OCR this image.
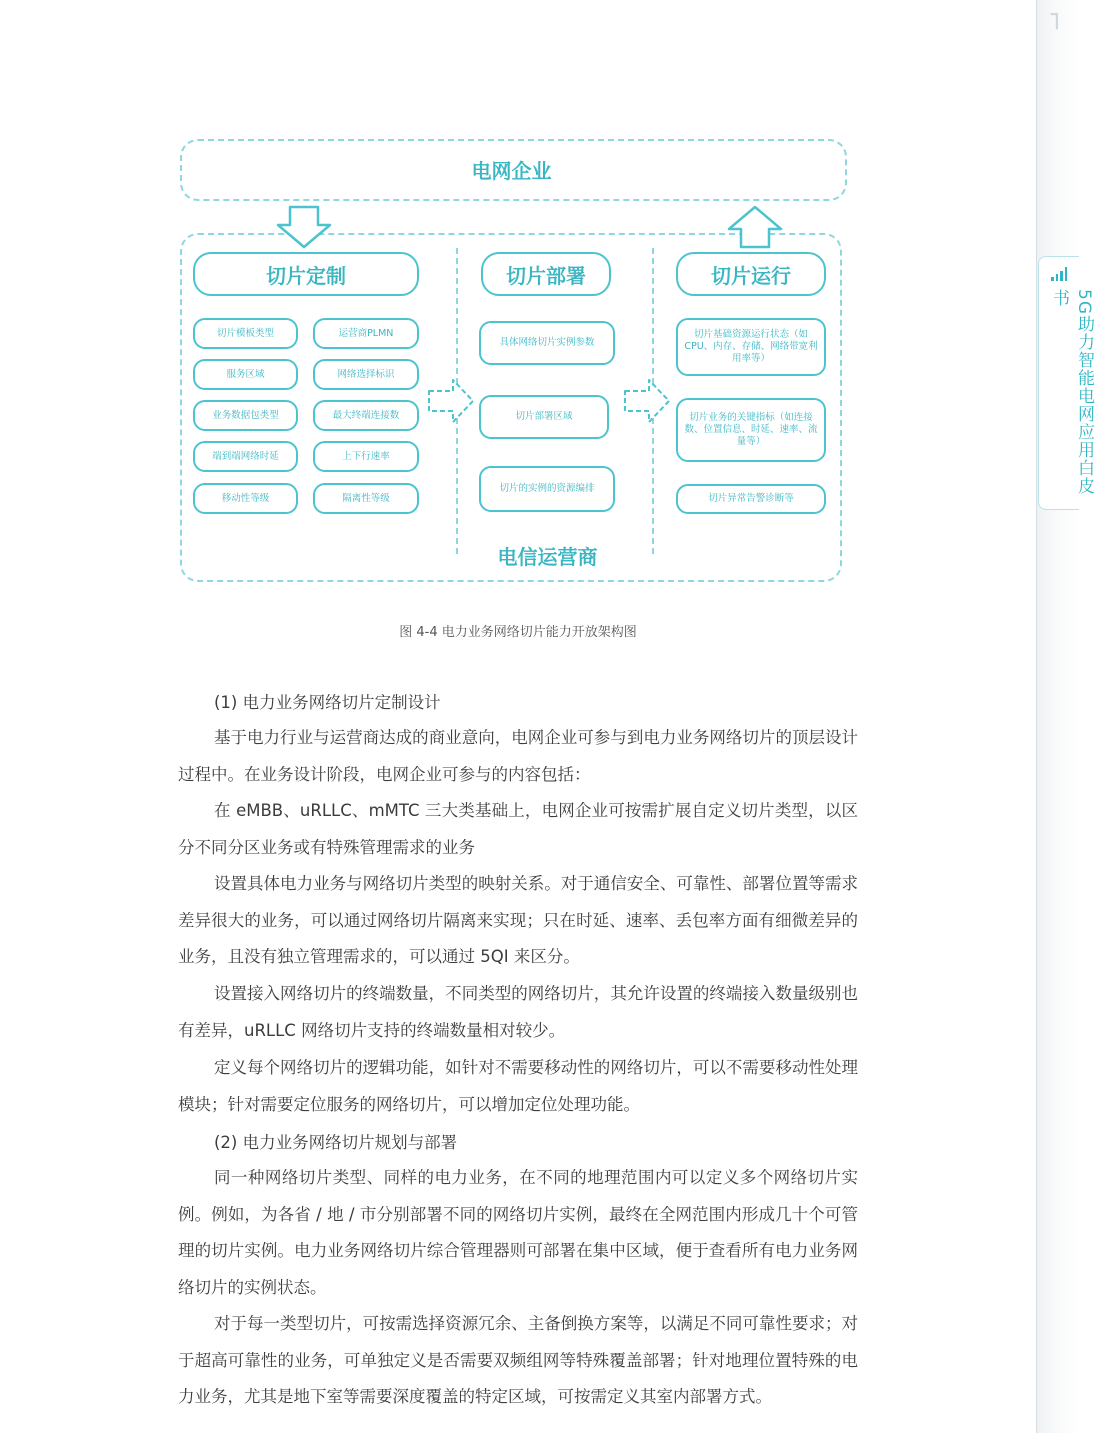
⌐
5G助力智能电网应用白皮书
电网企业
切片定制
切片模板类型	运营商PLMN
服务区域	网络选择标识
业务数据包类型	最大终端连接数
端到端网络时延	上下行速率
移动性等级	隔离性等级
切片部署
具体网络切片实例参数
切片部署区域
切片的实例的资源编排
切片运行
切片基础资源运行状态（如CPU、内存、存储、网络带宽利用率等）
切片业务的关键指标（如连接数、位置信息、时延、速率、流量等）
切片异常告警诊断等
电信运营商
图 4-4 电力业务网络切片能力开放架构图
(1) 电力业务网络切片定制设计

基于电力行业与运营商达成的商业意向，电网企业可参与到电力业务网络切片的顶层设计过程中。在业务设计阶段，电网企业可参与的内容包括：

在 eMBB、uRLLC、mMTC 三大类基础上，电网企业可按需扩展自定义切片类型，以区分不同分区业务或有特殊管理需求的业务

设置具体电力业务与网络切片类型的映射关系。对于通信安全、可靠性、部署位置等需求差异很大的业务，可以通过网络切片隔离来实现；只在时延、速率、丢包率方面有细微差异的业务，且没有独立管理需求的，可以通过 5QI 来区分。

设置接入网络切片的终端数量，不同类型的网络切片，其允许设置的终端接入数量级别也有差异，uRLLC 网络切片支持的终端数量相对较少。

定义每个网络切片的逻辑功能，如针对不需要移动性的网络切片，可以不需要移动性处理模块；针对需要定位服务的网络切片，可以增加定位处理功能。

(2) 电力业务网络切片规划与部署

同一种网络切片类型、同样的电力业务，在不同的地理范围内可以定义多个网络切片实例。例如，为各省 / 地 / 市分别部署不同的网络切片实例，最终在全网范围内形成几十个可管理的切片实例。电力业务网络切片综合管理器则可部署在集中区域，便于查看所有电力业务网络切片的实例状态。

对于每一类型切片，可按需选择资源冗余、主备倒换方案等，以满足不同可靠性要求；对于超高可靠性的业务，可单独定义是否需要双频组网等特殊覆盖部署；针对地理位置特殊的电力业务，尤其是地下室等需要深度覆盖的特定区域，可按需定义其室内部署方式。
